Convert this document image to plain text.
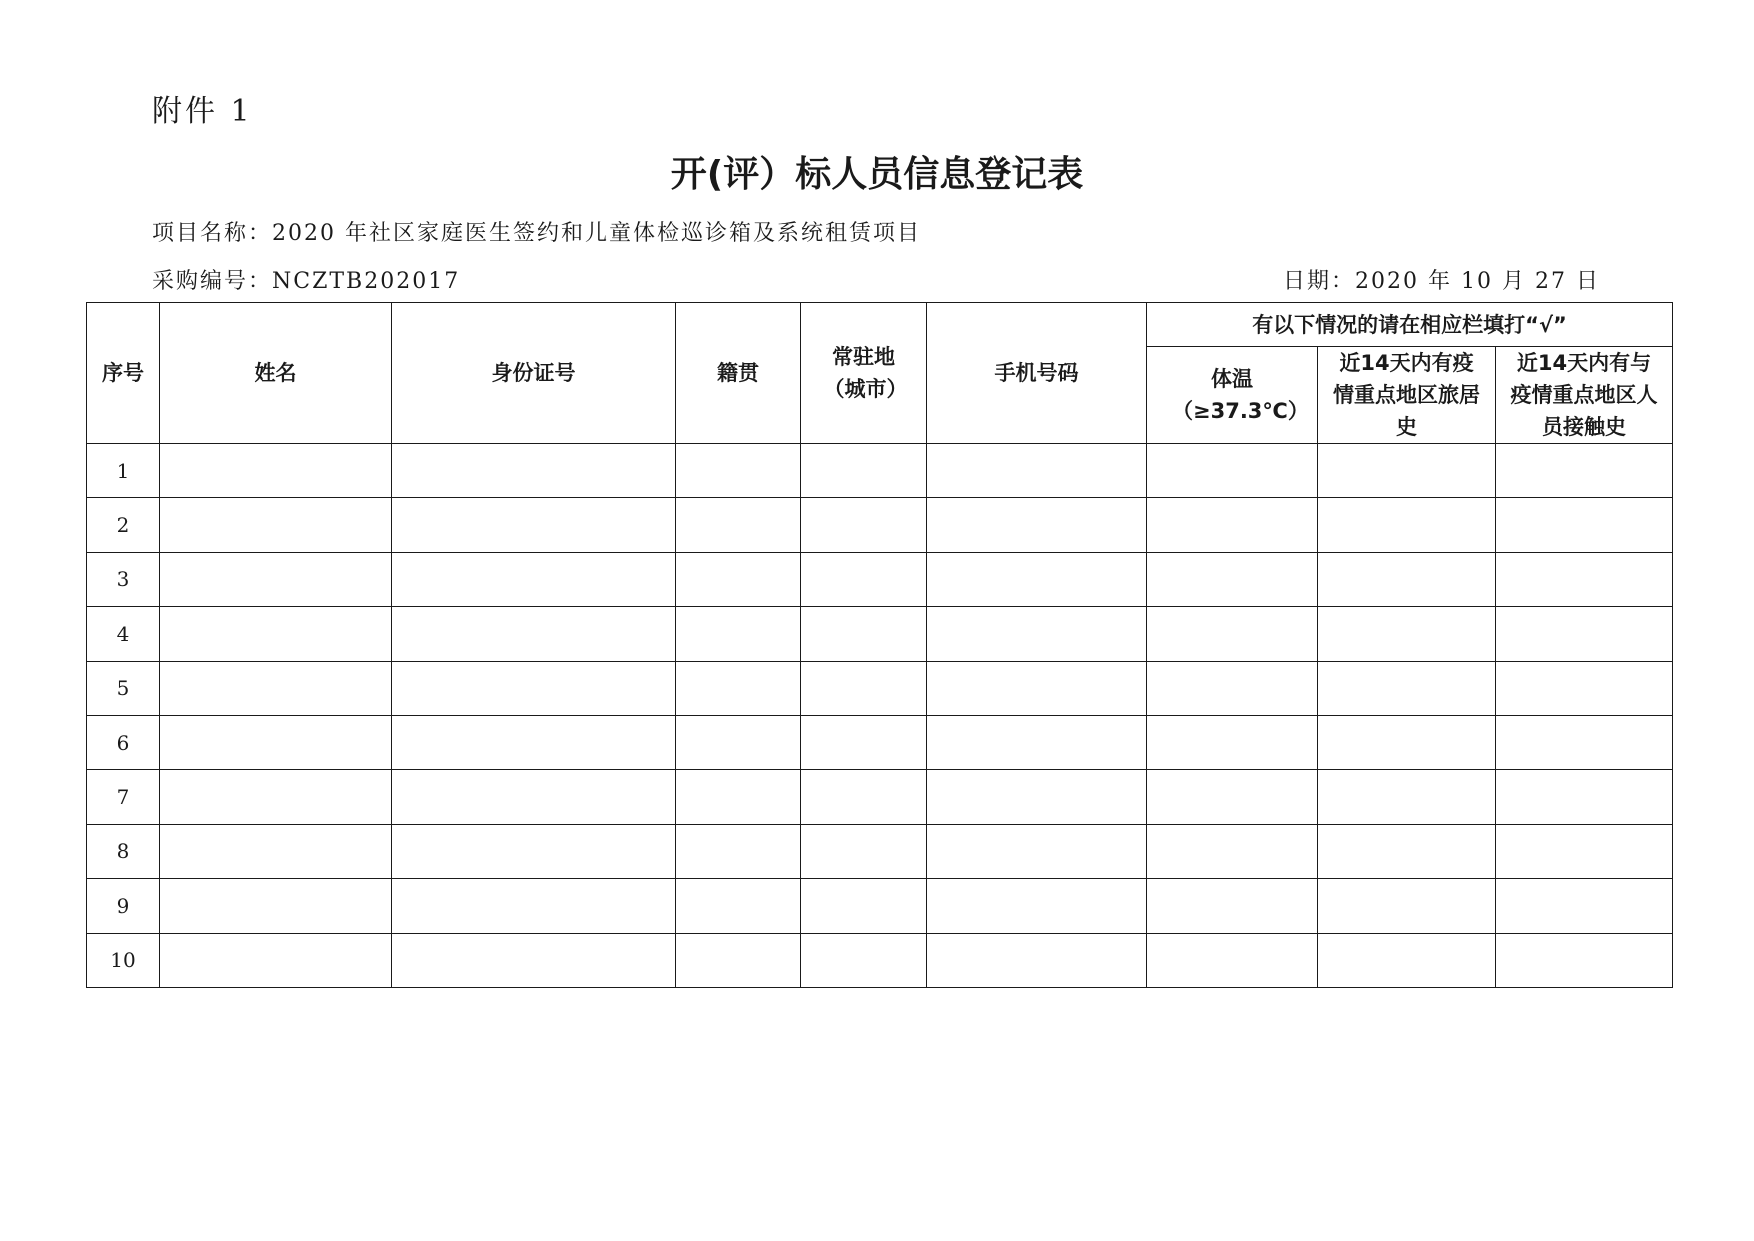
附件 1
开(评）标人员信息登记表
项目名称：2020 年社区家庭医生签约和儿童体检巡诊箱及系统租赁项目
采购编号：NCZTB202017	日期：2020 年 10 月 27 日
序号	姓名	身份证号	籍贯	常驻地（城市）	手机号码	有以下情况的请在相应栏填打“√”		
						体温（≥37.3℃）	近14天内有疫情重点地区旅居史	近14天内有与疫情重点地区人员接触史
1								
2								
3								
4								
5								
6								
7								
8								
9								
10								
